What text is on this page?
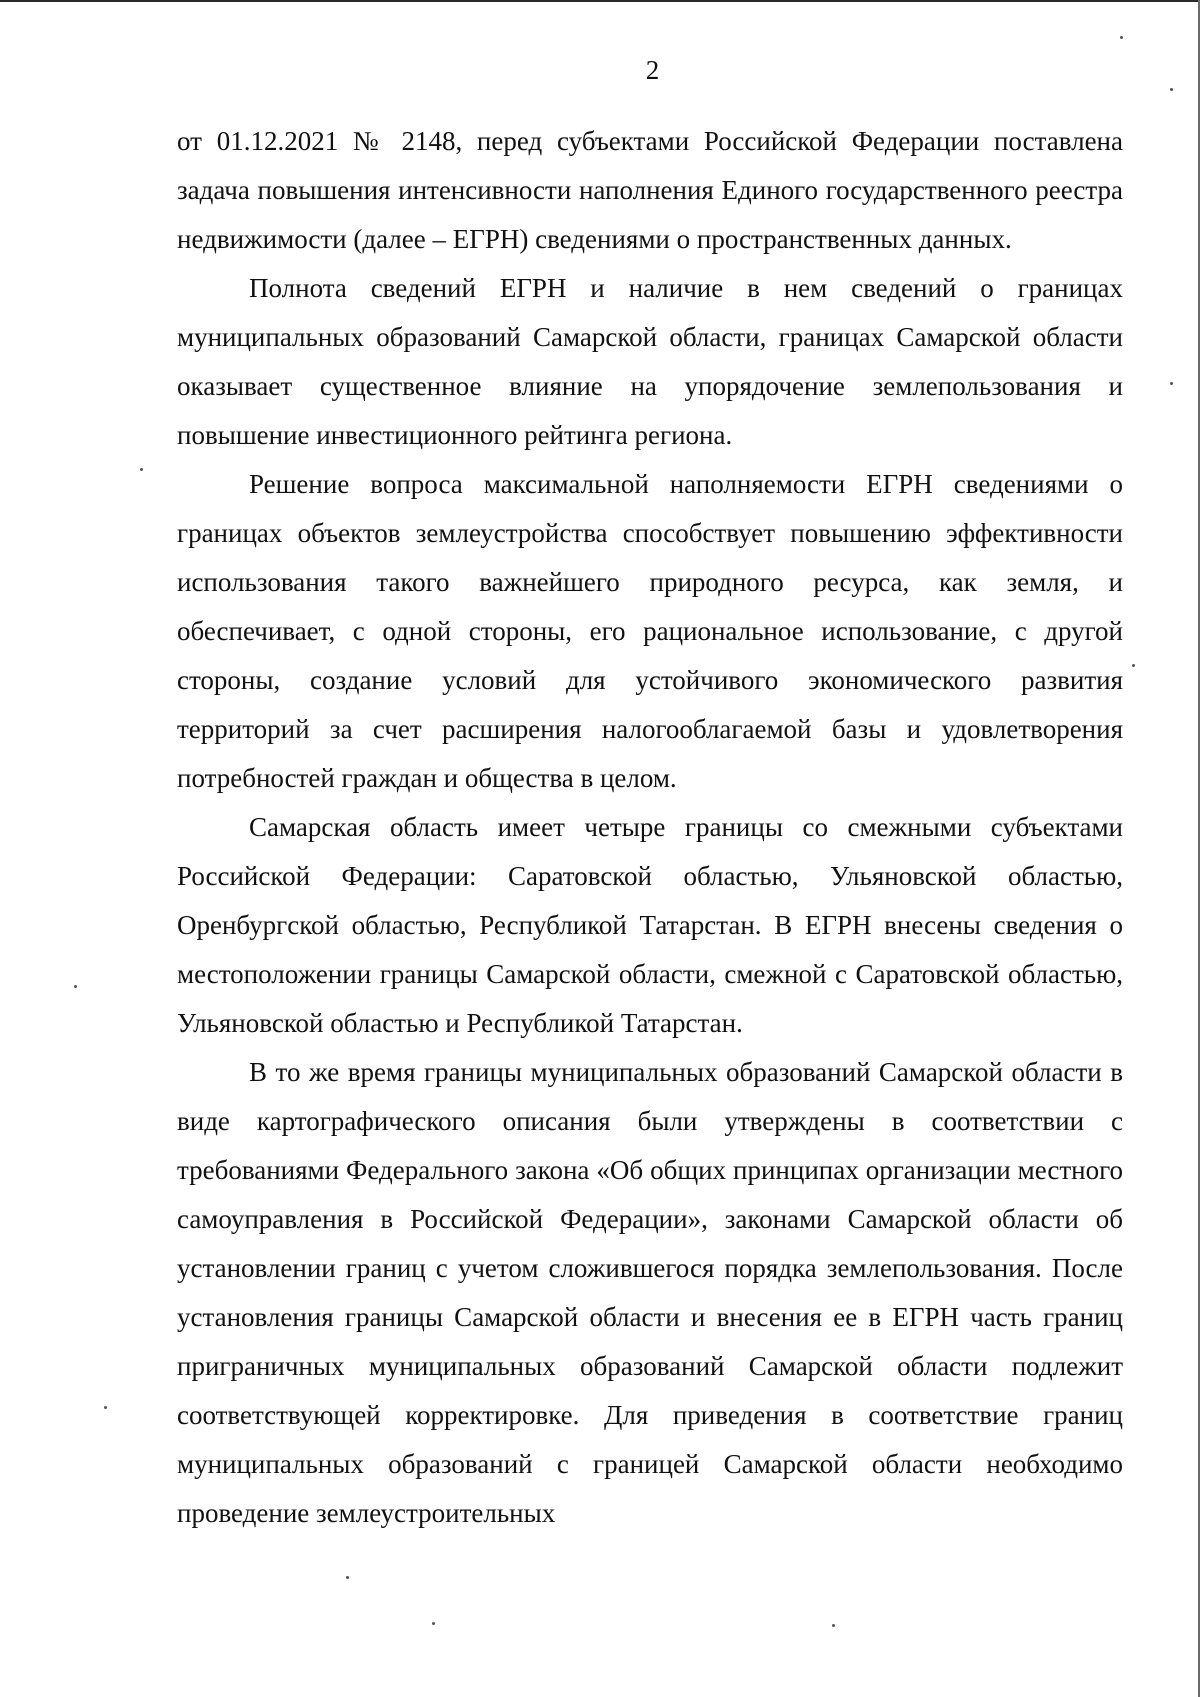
2

от 01.12.2021 № 2148, перед субъектами Российской Федерации поставлена задача повышения интенсивности наполнения Единого государственного реестра недвижимости (далее – ЕГРН) сведениями о пространственных данных.

Полнота сведений ЕГРН и наличие в нем сведений о границах муниципальных образований Самарской области, границах Самарской области оказывает существенное влияние на упорядочение землепользования и повышение инвестиционного рейтинга региона.

Решение вопроса максимальной наполняемости ЕГРН сведениями о границах объектов землеустройства способствует повышению эффективности использования такого важнейшего природного ресурса, как земля, и обеспечивает, с одной стороны, его рациональное использование, с другой стороны, создание условий для устойчивого экономического развития территорий за счет расширения налогооблагаемой базы и удовлетворения потребностей граждан и общества в целом.

Самарская область имеет четыре границы со смежными субъектами Российской Федерации: Саратовской областью, Ульяновской областью, Оренбургской областью, Республикой Татарстан. В ЕГРН внесены сведения о местоположении границы Самарской области, смежной с Саратовской областью, Ульяновской областью и Республикой Татарстан.

В то же время границы муниципальных образований Самарской области в виде картографического описания были утверждены в соответствии с требованиями Федерального закона «Об общих принципах организации местного самоуправления в Российской Федерации», законами Самарской области об установлении границ с учетом сложившегося порядка землепользования. После установления границы Самарской области и внесения ее в ЕГРН часть границ приграничных муниципальных образований Самарской области подлежит соответствующей корректировке. Для приведения в соответствие границ муниципальных образований с границей Самарской области необходимо проведение землеустроительных
